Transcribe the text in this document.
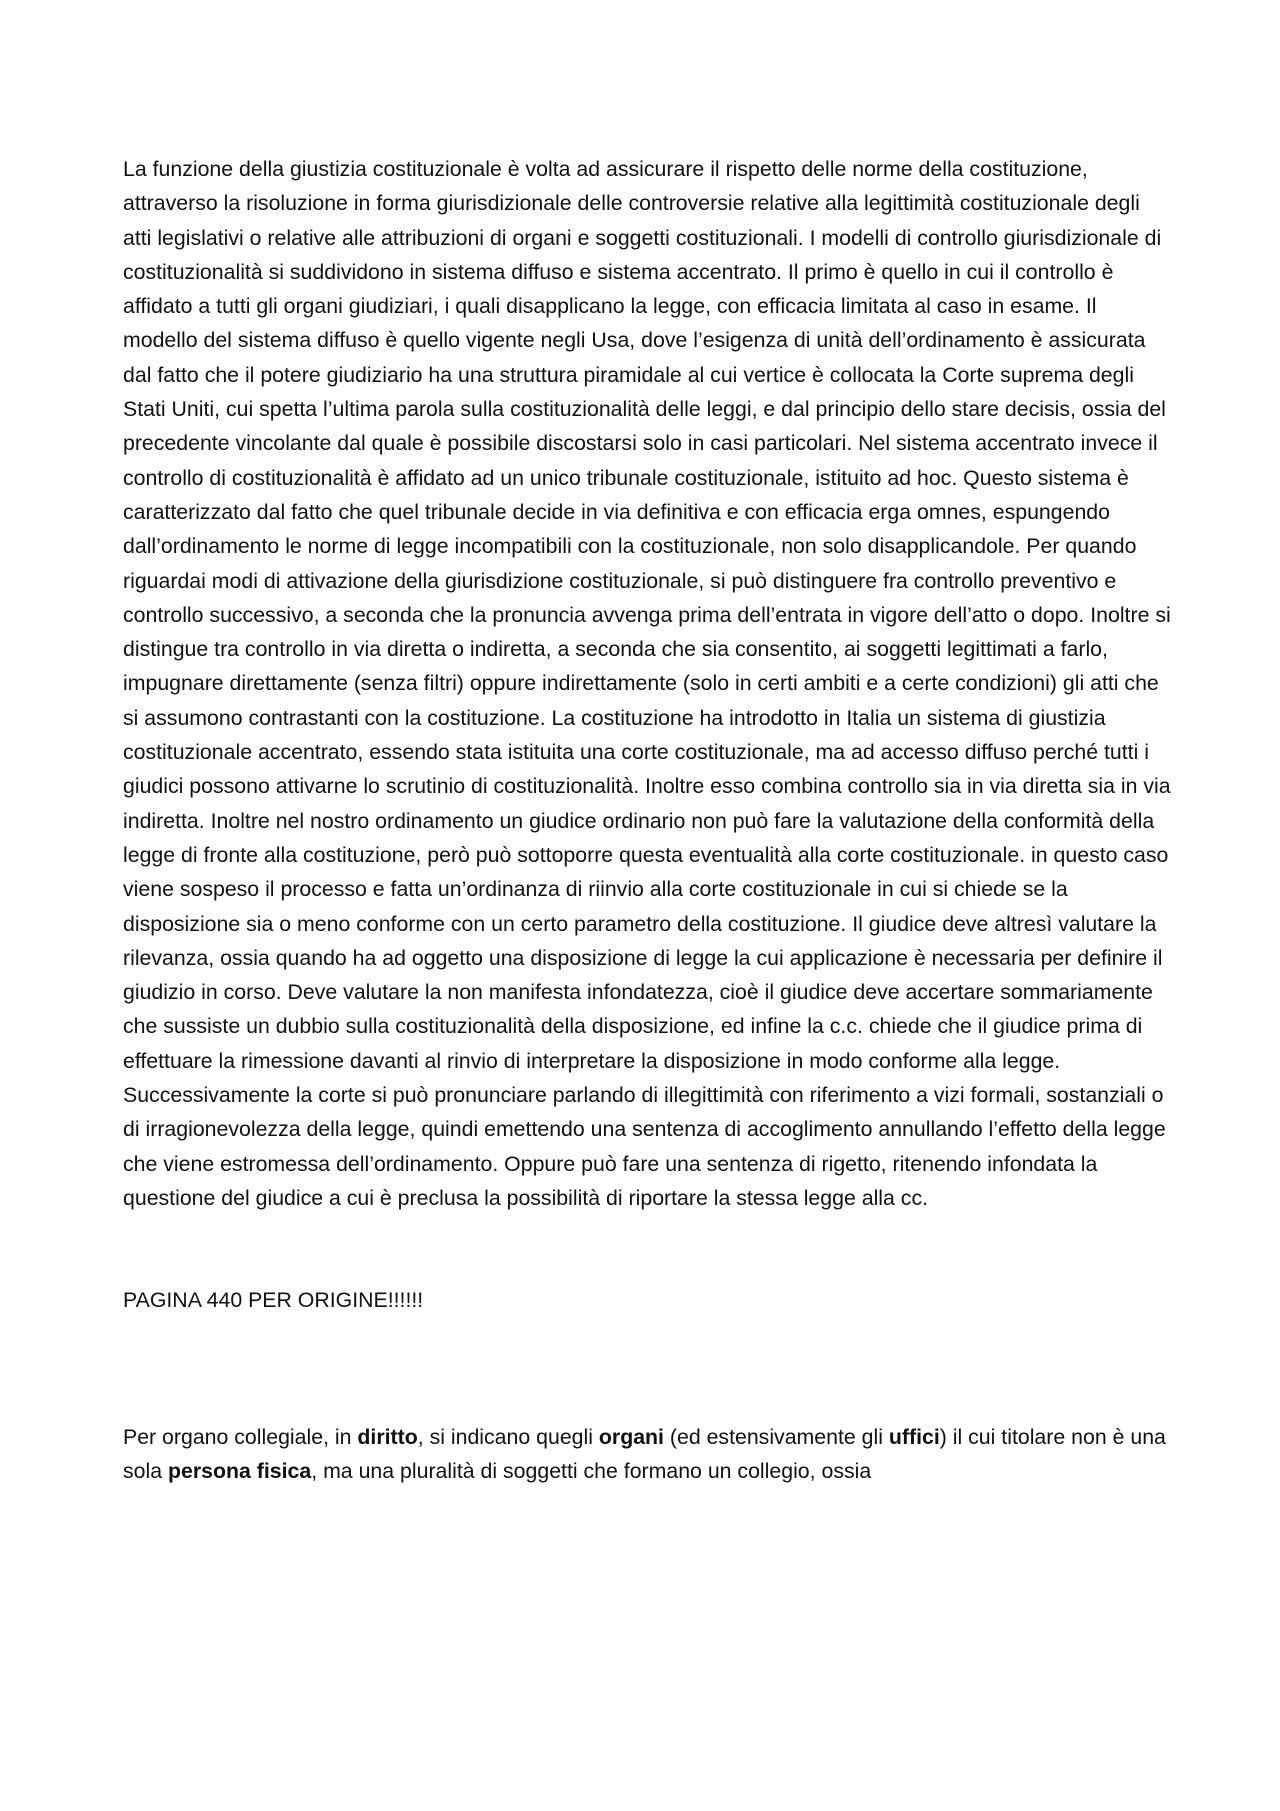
La funzione della giustizia costituzionale è volta ad assicurare il rispetto delle norme della costituzione, attraverso la risoluzione in forma giurisdizionale delle controversie relative alla legittimità costituzionale degli atti legislativi o relative alle attribuzioni di organi e soggetti costituzionali. I modelli di controllo giurisdizionale di costituzionalità si suddividono in sistema diffuso e sistema accentrato. Il primo è quello in cui il controllo è affidato a tutti gli organi giudiziari, i quali disapplicano la legge, con efficacia limitata al caso in esame. Il modello del sistema diffuso è quello vigente negli Usa, dove l’esigenza di unità dell’ordinamento è assicurata dal fatto che il potere giudiziario ha una struttura piramidale al cui vertice è collocata la Corte suprema degli Stati Uniti, cui spetta l’ultima parola sulla costituzionalità delle leggi, e dal principio dello stare decisis, ossia del precedente vincolante dal quale è possibile discostarsi solo in casi particolari. Nel sistema accentrato invece il controllo di costituzionalità è affidato ad un unico tribunale costituzionale, istituito ad hoc. Questo sistema è caratterizzato dal fatto che quel tribunale decide in via definitiva e con efficacia erga omnes, espungendo dall’ordinamento le norme di legge incompatibili con la costituzionale, non solo disapplicandole. Per quando riguardai modi di attivazione della giurisdizione costituzionale, si può distinguere fra controllo preventivo e controllo successivo, a seconda che la pronuncia avvenga prima dell’entrata in vigore dell’atto o dopo. Inoltre si distingue tra controllo in via diretta o indiretta, a seconda che sia consentito, ai soggetti legittimati a farlo, impugnare direttamente (senza filtri) oppure indirettamente (solo in certi ambiti e a certe condizioni) gli atti che si assumono contrastanti con la costituzione. La costituzione ha introdotto in Italia un sistema di giustizia costituzionale accentrato, essendo stata istituita una corte costituzionale, ma ad accesso diffuso perché tutti i giudici possono attivarne lo scrutinio di costituzionalità. Inoltre esso combina controllo sia in via diretta sia in via indiretta. Inoltre nel nostro ordinamento un giudice ordinario non può fare la valutazione della conformità della legge di fronte alla costituzione, però può sottoporre questa eventualità alla corte costituzionale. in questo caso viene sospeso il processo e fatta un’ordinanza di riinvio alla corte costituzionale in cui si chiede se la disposizione sia o meno conforme con un certo parametro della costituzione. Il giudice deve altresì valutare la rilevanza, ossia quando ha ad oggetto una disposizione di legge la cui applicazione è necessaria per definire il giudizio in corso. Deve valutare la non manifesta infondatezza, cioè il giudice deve accertare sommariamente che sussiste un dubbio sulla costituzionalità della disposizione, ed infine la c.c. chiede che il giudice prima di effettuare la rimessione davanti al rinvio di interpretare la disposizione in modo conforme alla legge. Successivamente la corte si può pronunciare parlando di illegittimità con riferimento a vizi formali, sostanziali o di irragionevolezza della legge, quindi emettendo una sentenza di accoglimento annullando l’effetto della legge che viene estromessa dell’ordinamento. Oppure può fare una sentenza di rigetto, ritenendo infondata la questione del giudice a cui è preclusa la possibilità di riportare la stessa legge alla cc.

PAGINA 440 PER ORIGINE!!!!!!

Per organo collegiale, in diritto, si indicano quegli organi (ed estensivamente gli uffici) il cui titolare non è una sola persona fisica, ma una pluralità di soggetti che formano un collegio, ossia
